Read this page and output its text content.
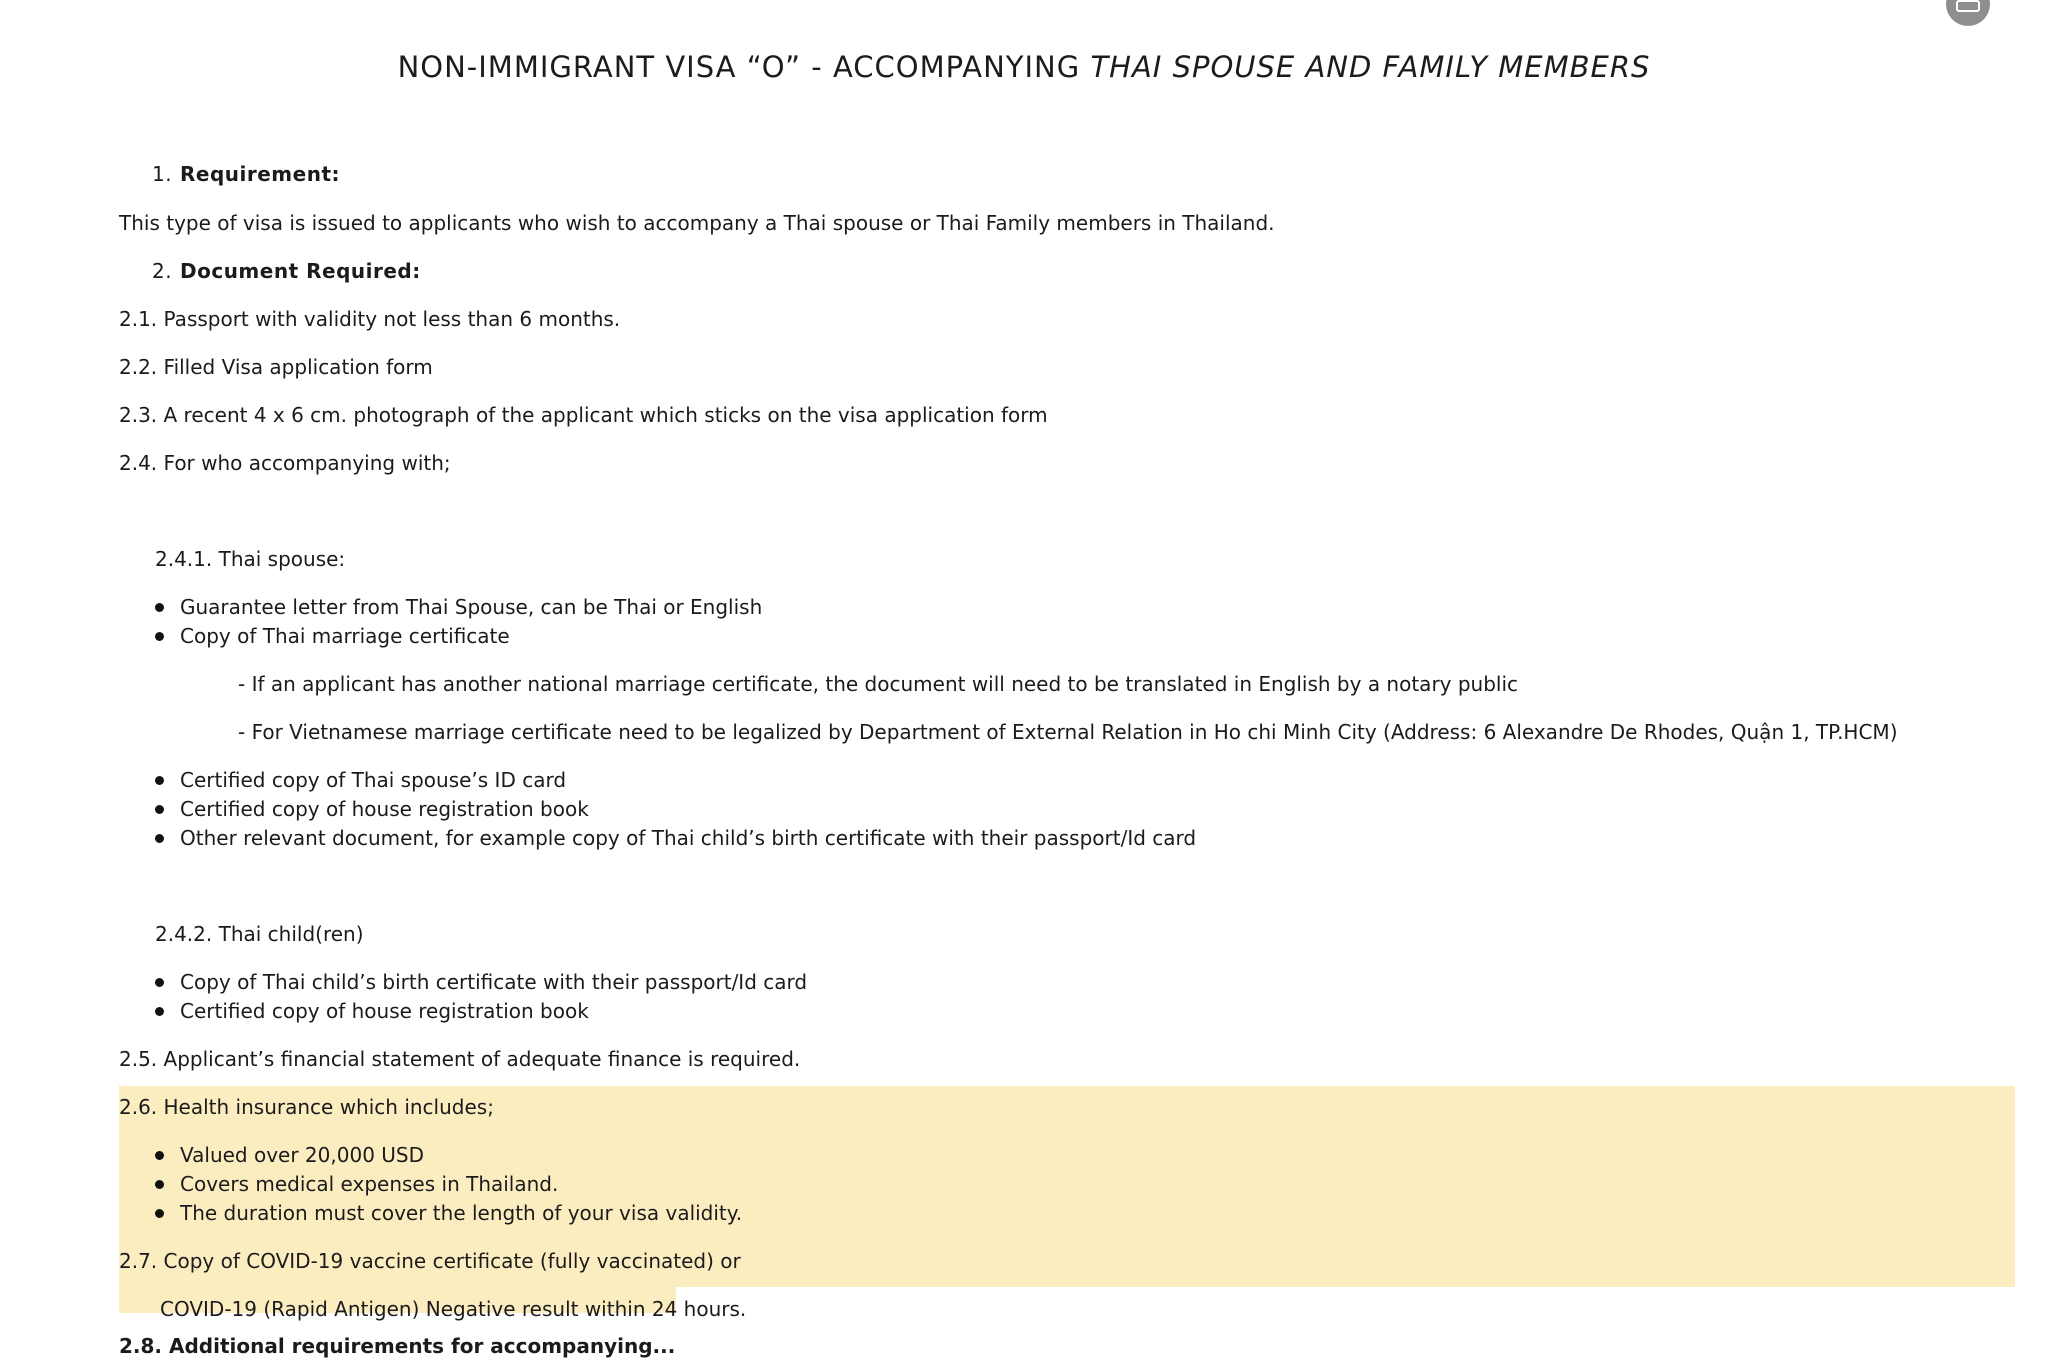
NON-IMMIGRANT VISA “O” - ACCOMPANYING THAI SPOUSE AND FAMILY MEMBERS
1. Requirement:
This type of visa is issued to applicants who wish to accompany a Thai spouse or Thai Family members in Thailand.
2. Document Required:
2.1. Passport with validity not less than 6 months.
2.2. Filled Visa application form
2.3. A recent 4 x 6 cm. photograph of the applicant which sticks on the visa application form
2.4. For who accompanying with;
2.4.1. Thai spouse:
Guarantee letter from Thai Spouse, can be Thai or English
Copy of Thai marriage certificate
- If an applicant has another national marriage certificate, the document will need to be translated in English by a notary public
- For Vietnamese marriage certificate need to be legalized by Department of External Relation in Ho chi Minh City (Address: 6 Alexandre De Rhodes, Quận 1, TP.HCM)
Certified copy of Thai spouse’s ID card
Certified copy of house registration book
Other relevant document, for example copy of Thai child’s birth certificate with their passport/Id card
2.4.2. Thai child(ren)
Copy of Thai child’s birth certificate with their passport/Id card
Certified copy of house registration book
2.5. Applicant’s financial statement of adequate finance is required.
2.6. Health insurance which includes;
Valued over 20,000 USD
Covers medical expenses in Thailand.
The duration must cover the length of your visa validity.
2.7. Copy of COVID-19 vaccine certificate (fully vaccinated) or
COVID-19 (Rapid Antigen) Negative result within 24 hours.
2.8. Additional requirements for accompanying...
